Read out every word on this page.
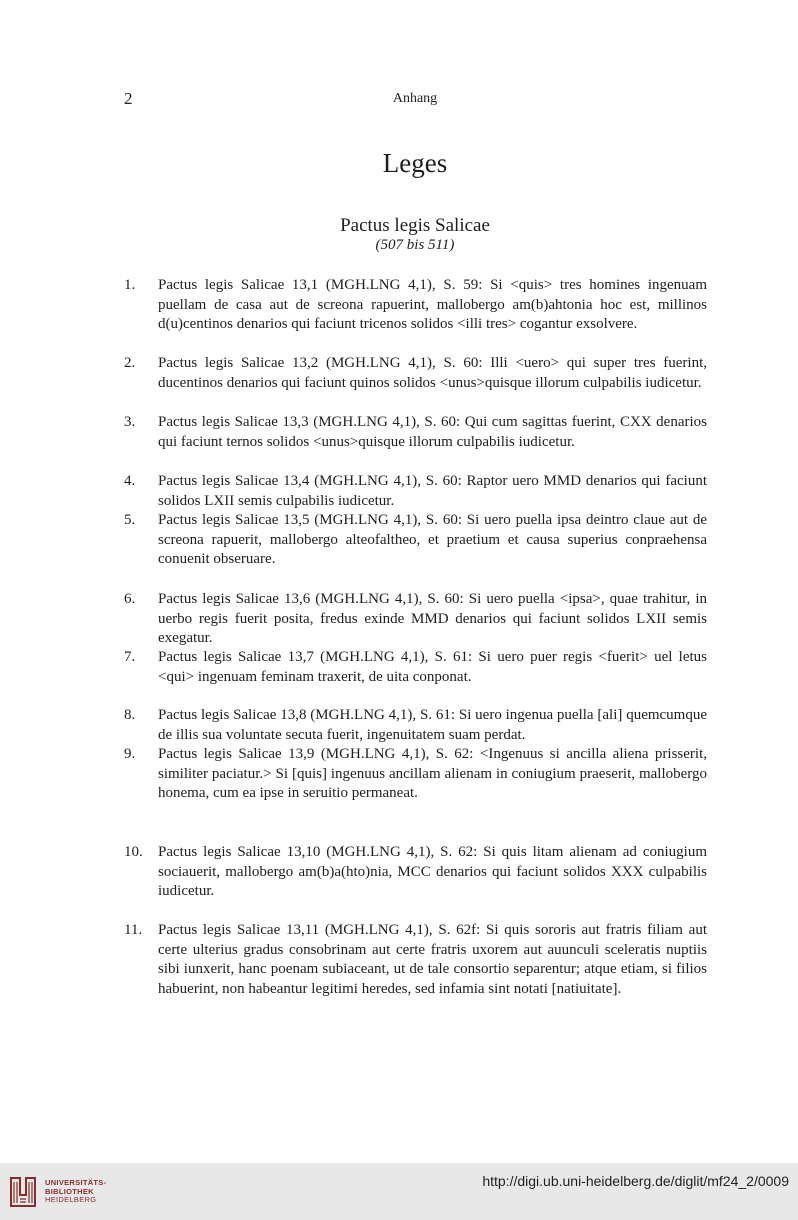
2	Anhang
Leges
Pactus legis Salicae
(507 bis 511)
1. Pactus legis Salicae 13,1 (MGH.LNG 4,1), S. 59: Si <quis> tres homines ingenuam puellam de casa aut de screona rapuerint, mallobergo am(b)ahtonia hoc est, millinos d(u)centinos denarios qui faciunt tricenos solidos <illi tres> cogantur exsolvere.
2. Pactus legis Salicae 13,2 (MGH.LNG 4,1), S. 60: Illi <uero> qui super tres fuerint, ducentinos denarios qui faciunt quinos solidos <unus>quisque illorum culpabilis iudicetur.
3. Pactus legis Salicae 13,3 (MGH.LNG 4,1), S. 60: Qui cum sagittas fuerint, CXX denarios qui faciunt ternos solidos <unus>quisque illorum culpabilis iudicetur.
4. Pactus legis Salicae 13,4 (MGH.LNG 4,1), S. 60: Raptor uero MMD denarios qui faciunt solidos LXII semis culpabilis iudicetur.
5. Pactus legis Salicae 13,5 (MGH.LNG 4,1), S. 60: Si uero puella ipsa deintro claue aut de screona rapuerit, mallobergo alteofaltheo, et praetium et causa superius conpraehensa conuenit obseruare.
6. Pactus legis Salicae 13,6 (MGH.LNG 4,1), S. 60: Si uero puella <ipsa>, quae trahitur, in uerbo regis fuerit posita, fredus exinde MMD denarios qui faciunt solidos LXII semis exegatur.
7. Pactus legis Salicae 13,7 (MGH.LNG 4,1), S. 61: Si uero puer regis <fuerit> uel letus <qui> ingenuam feminam traxerit, de uita conponat.
8. Pactus legis Salicae 13,8 (MGH.LNG 4,1), S. 61: Si uero ingenua puella [ali] quemcumque de illis sua voluntate secuta fuerit, ingenuitatem suam perdat.
9. Pactus legis Salicae 13,9 (MGH.LNG 4,1), S. 62: <Ingenuus si ancilla aliena prisserit, similiter paciatur.> Si [quis] ingenuus ancillam alienam in coniugium praeserit, mallobergo honema, cum ea ipse in seruitio permaneat.
10. Pactus legis Salicae 13,10 (MGH.LNG 4,1), S. 62: Si quis litam alienam ad coniugium sociauerit, mallobergo am(b)a(hto)nia, MCC denarios qui faciunt solidos XXX culpabilis iudicetur.
11. Pactus legis Salicae 13,11 (MGH.LNG 4,1), S. 62f: Si quis sororis aut fratris filiam aut certe ulterius gradus consobrinam aut certe fratris uxorem aut auunculi sceleratis nuptiis sibi iunxerit, hanc poenam subiaceant, ut de tale consortio separentur; atque etiam, si filios habuerint, non habeantur legitimi heredes, sed infamia sint notati [natiuitate].
UNIVERSITÄTS-
BIBLIOTHEK
HEIDELBERG
http://digi.ub.uni-heidelberg.de/diglit/mf24_2/0009
